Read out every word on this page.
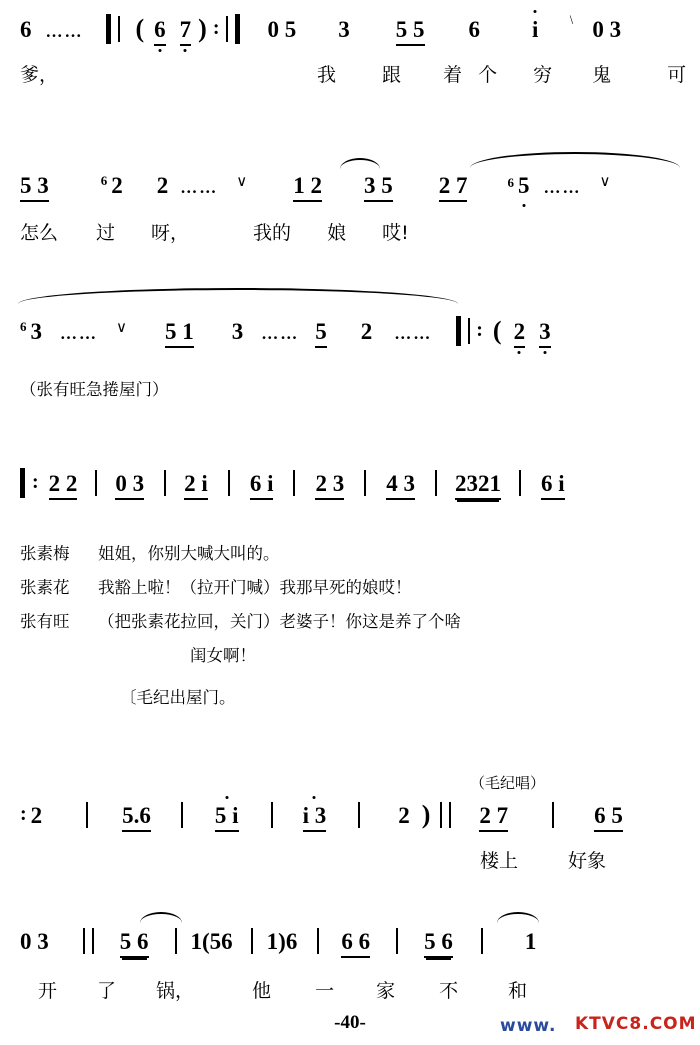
6 …… ( 6 7 ) : 0 5 3 5 5 6 i 0 3
﹨
爹，	我 跟 着 个 穷 鬼	可
5 3	6 2 2 …… ∨ 1 2 3 5 2 7	6 5 …… ∨
怎么 过 呀，	我的 娘 哎!
6 3 …… ∨ 5 1 3 …… 5 2 …… : ( 2 3
（张有旺急捲屋门）
: 2 2 0 3 2 i 6 i 2 3 4 3 2321 6 i
张素梅 姐姐，你别大喊大叫的。
张素花 我豁上啦！（拉开门喊）我那早死的娘哎！
张有旺 （把张素花拉回，关门）老婆子！你这是养了个啥
闺女啊！
〔毛纪出屋门。
（毛纪唱）
: 2	5.6	5 i	i 3	2 ) 2 7	6 5
楼上	好象
0 3	5 6 1(56 1)6 6 6 5 6	1
开 了 锅，	他 一 家 不	和
-40-	www. KTVC8.COM
